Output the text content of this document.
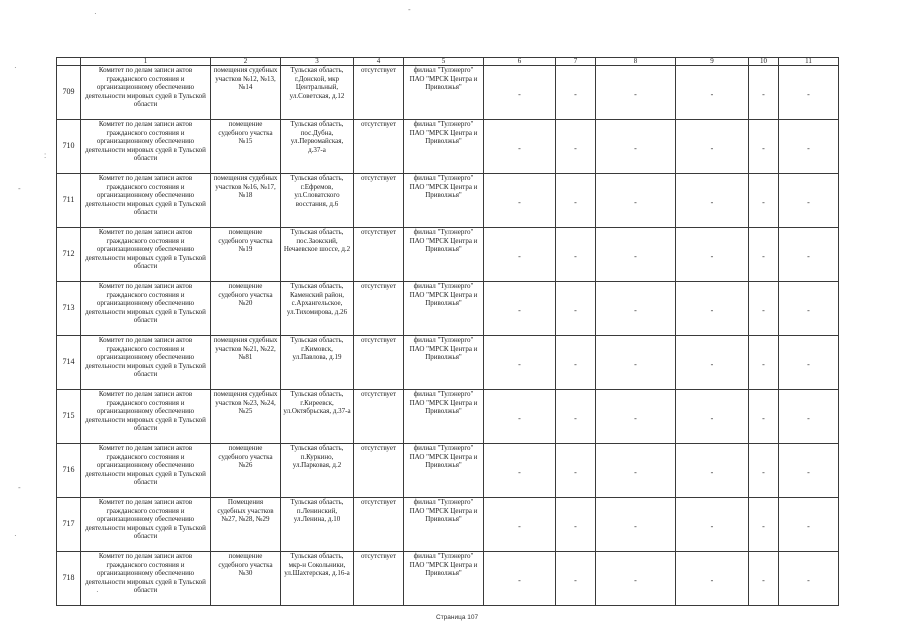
	1	2	3	4	5	6	7	8	9	10	11
709	Комитет по делам записи актов гражданского состояния и организационному обеспечению деятельности мировых судей в Тульской области	помещения судебных участков №12, №13, №14	Тульская область, г.Донской, мкр Центральный, ул.Советская, д.12	отсутствует	филиал "Тулэнерго" ПАО "МРСК Центра и Приволжья"	-	-	-	-	-	-
710	Комитет по делам записи актов гражданского состояния и организационному обеспечению деятельности мировых судей в Тульской области	помещение судебного участка №15	Тульская область, пос.Дубна, ул.Первомайская, д.37-а	отсутствует	филиал "Тулэнерго" ПАО "МРСК Центра и Приволжья"	-	-	-	-	-	-
711	Комитет по делам записи актов гражданского состояния и организационному обеспечению деятельности мировых судей в Тульской области	помещения судебных участков №16, №17, №18	Тульская область, г.Ефремов, ул.Словатского восстания, д.6	отсутствует	филиал "Тулэнерго" ПАО "МРСК Центра и Приволжья"	-	-	-	-	-	-
712	Комитет по делам записи актов гражданского состояния и организационному обеспечению деятельности мировых судей в Тульской области	помещение судебного участка №19	Тульская область, пос.Заокский, Нечаевское шоссе, д.2	отсутствует	филиал "Тулэнерго" ПАО "МРСК Центра и Приволжья"	-	-	-	-	-	-
713	Комитет по делам записи актов гражданского состояния и организационному обеспечению деятельности мировых судей в Тульской области	помещение судебного участка №20	Тульская область, Каменский район, с.Архангельское, ул.Тихомирова, д.26	отсутствует	филиал "Тулэнерго" ПАО "МРСК Центра и Приволжья"	-	-	-	-	-	-
714	Комитет по делам записи актов гражданского состояния и организационному обеспечению деятельности мировых судей в Тульской области	помещения судебных участков №21, №22, №81	Тульская область, г.Кимовск, ул.Павлова, д.19	отсутствует	филиал "Тулэнерго" ПАО "МРСК Центра и Приволжья"	-	-	-	-	-	-
715	Комитет по делам записи актов гражданского состояния и организационному обеспечению деятельности мировых судей в Тульской области	помещения судебных участков №23, №24, №25	Тульская область, г.Киреевск, ул.Октябрьская, д.37-а	отсутствует	филиал "Тулэнерго" ПАО "МРСК Центра и Приволжья"	-	-	-	-	-	-
716	Комитет по делам записи актов гражданского состояния и организационному обеспечению деятельности мировых судей в Тульской области	помещение судебного участка №26	Тульская область, п.Куркино, ул.Парковая, д.2	отсутствует	филиал "Тулэнерго" ПАО "МРСК Центра и Приволжья"	-	-	-	-	-	-
717	Комитет по делам записи актов гражданского состояния и организационному обеспечению деятельности мировых судей в Тульской области	Помещения судебных участков №27, №28, №29	Тульская область, п.Ленинский, ул.Ленина, д.10	отсутствует	филиал "Тулэнерго" ПАО "МРСК Центра и Приволжья"	-	-	-	-	-	-
718	Комитет по делам записи актов гражданского состояния и организационному обеспечению деятельности мировых судей в Тульской области	помещение судебного участка №30	Тульская область, мкр-н Сокольники, ул.Шахтерская, д.16-а	отсутствует	филиал "Тулэнерго" ПАО "МРСК Центра и Приволжья"	-	-	-	-	-	-
Страница 107
·	-
·
:
-
-
·
·
